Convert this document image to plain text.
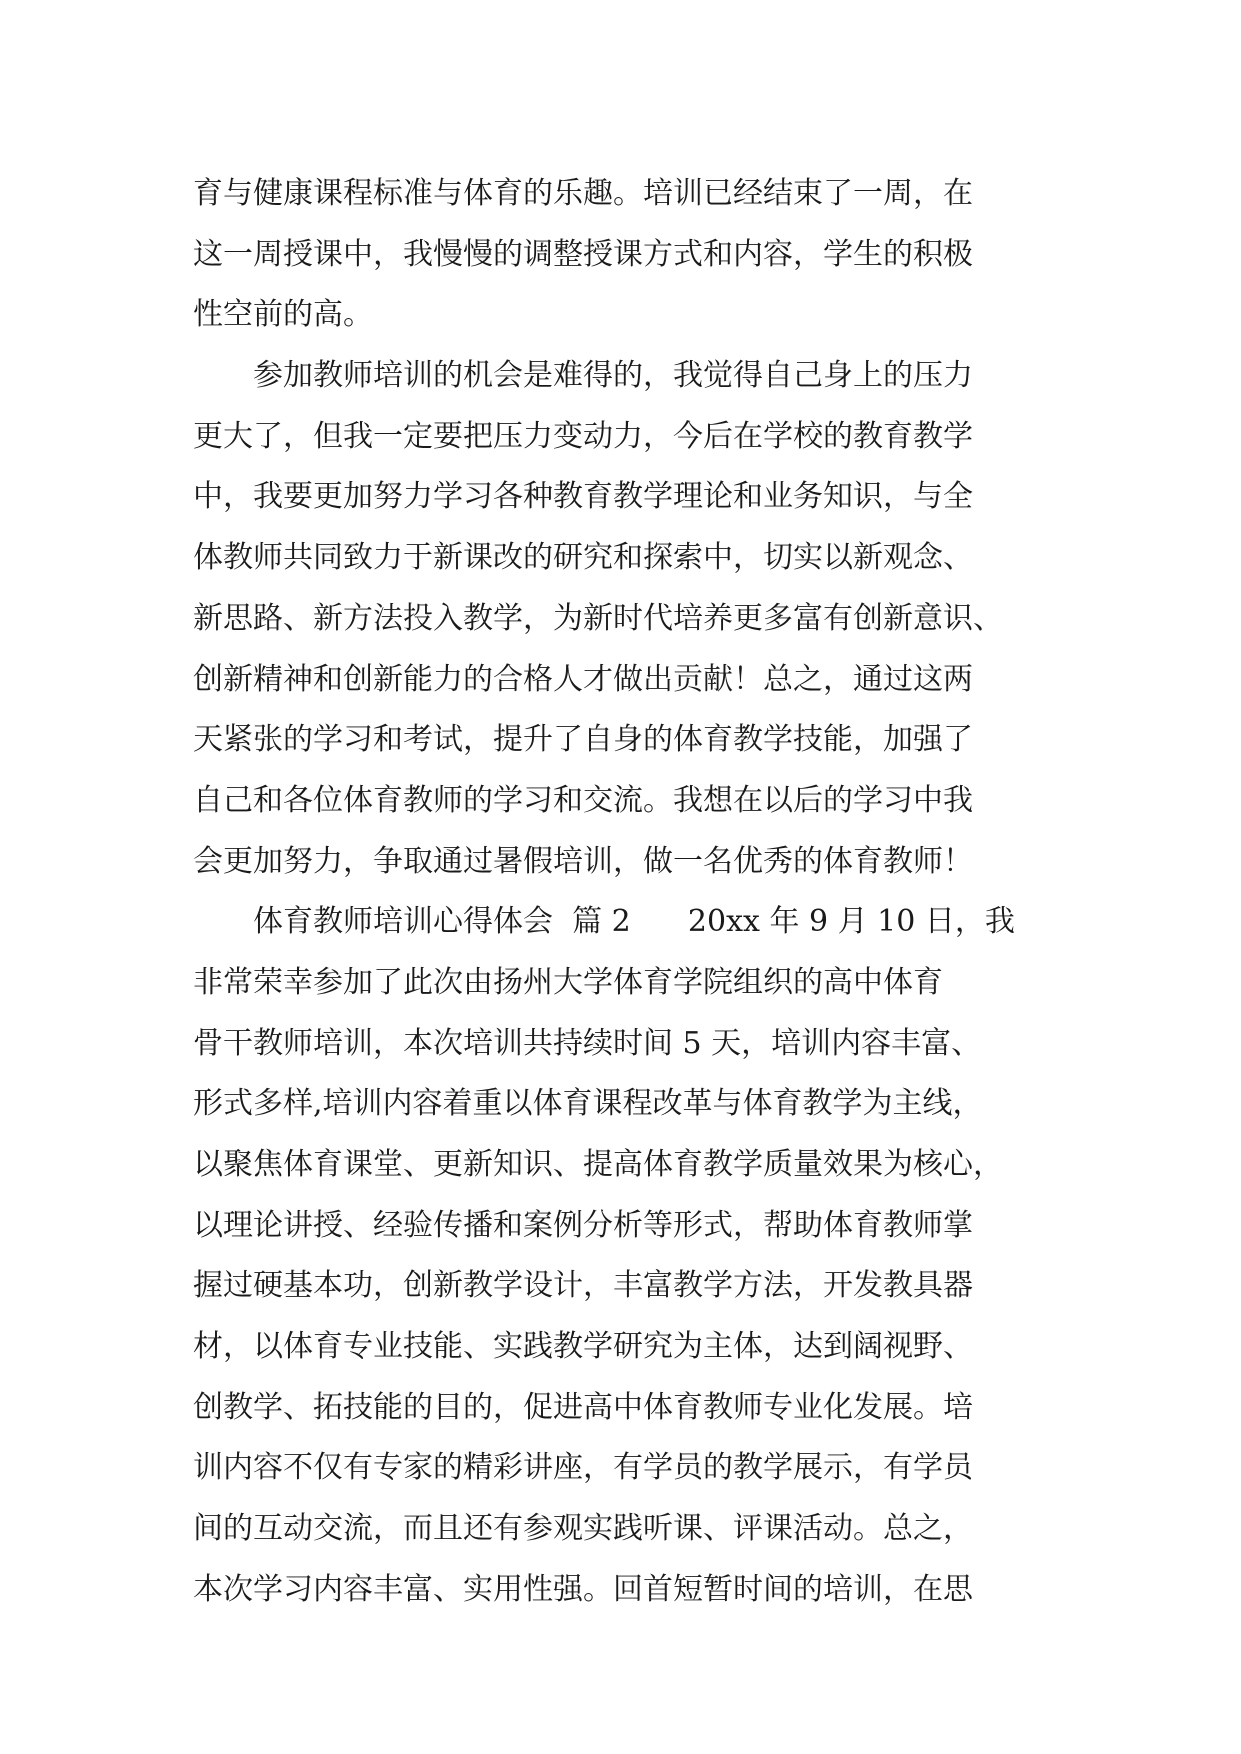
育与健康课程标准与体育的乐趣。培训已经结束了一周，在
这一周授课中，我慢慢的调整授课方式和内容，学生的积极
性空前的高。
　　参加教师培训的机会是难得的，我觉得自己身上的压力
更大了，但我一定要把压力变动力，今后在学校的教育教学
中，我要更加努力学习各种教育教学理论和业务知识，与全
体教师共同致力于新课改的研究和探索中，切实以新观念、
新思路、新方法投入教学，为新时代培养更多富有创新意识、
创新精神和创新能力的合格人才做出贡献！总之，通过这两
天紧张的学习和考试，提升了自身的体育教学技能，加强了
自己和各位体育教师的学习和交流。我想在以后的学习中我
会更加努力，争取通过暑假培训，做一名优秀的体育教师！
　　体育教师培训心得体会  篇 2      20xx 年 9 月 10 日，我
非常荣幸参加了此次由扬州大学体育学院组织的高中体育
骨干教师培训，本次培训共持续时间 5 天，培训内容丰富、
形式多样,培训内容着重以体育课程改革与体育教学为主线，
以聚焦体育课堂、更新知识、提高体育教学质量效果为核心，
以理论讲授、经验传播和案例分析等形式，帮助体育教师掌
握过硬基本功，创新教学设计，丰富教学方法，开发教具器
材，以体育专业技能、实践教学研究为主体，达到阔视野、
创教学、拓技能的目的，促进高中体育教师专业化发展。培
训内容不仅有专家的精彩讲座，有学员的教学展示，有学员
间的互动交流，而且还有参观实践听课、评课活动。总之，
本次学习内容丰富、实用性强。回首短暂时间的培训，在思
